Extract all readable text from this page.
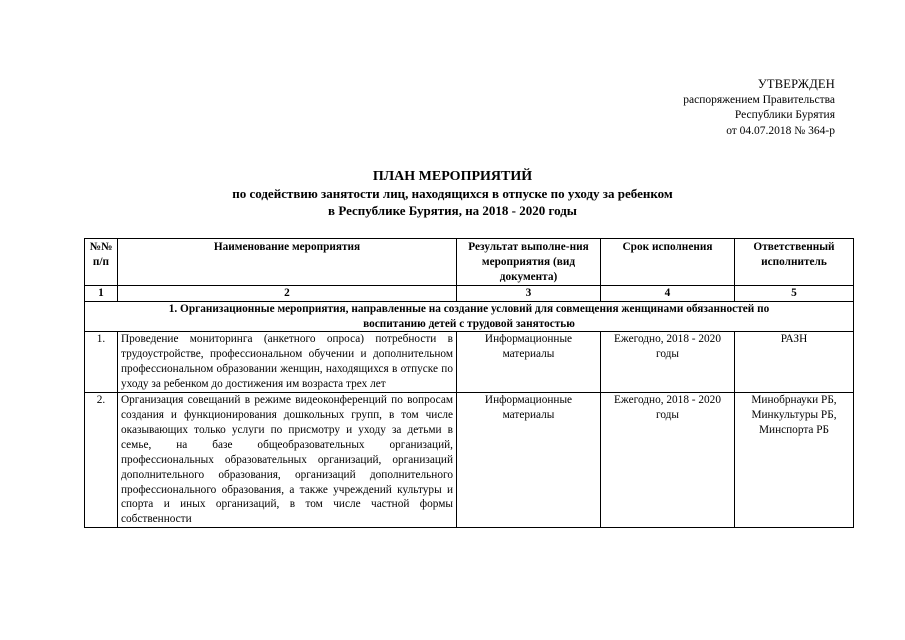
УТВЕРЖДЕН
распоряжением Правительства
Республики Бурятия
от 04.07.2018 № 364-р
ПЛАН МЕРОПРИЯТИЙ
по содействию занятости лиц, находящихся в отпуске по уходу за ребенком
в Республике Бурятия, на 2018 - 2020 годы
№№ п/п	Наименование мероприятия	Результат выполне-ния мероприятия (вид документа)	Срок исполнения	Ответственный исполнитель
1	2	3	4	5
1. Организационные мероприятия, направленные на создание условий для совмещения женщинами обязанностей по воспитанию детей с трудовой занятостью				
1.	Проведение мониторинга (анкетного опроса) потребности в трудоустройстве, профессиональном обучении и дополнительном профессиональном образовании женщин, находящихся в отпуске по уходу за ребенком до достижения им возраста трех лет	Информационные материалы	Ежегодно, 2018 - 2020 годы	РАЗН
2.	Организация совещаний в режиме видеоконференций по вопросам создания и функционирования дошкольных групп, в том числе оказывающих только услуги по присмотру и уходу за детьми в семье, на базе общеобразовательных организаций, профессиональных образовательных организаций, организаций дополнительного образования, организаций дополнительного профессионального образования, а также учреждений культуры и спорта и иных организаций, в том числе частной формы собственности	Информационные материалы	Ежегодно, 2018 - 2020 годы	Минобрнауки РБ, Минкультуры РБ, Минспорта РБ
